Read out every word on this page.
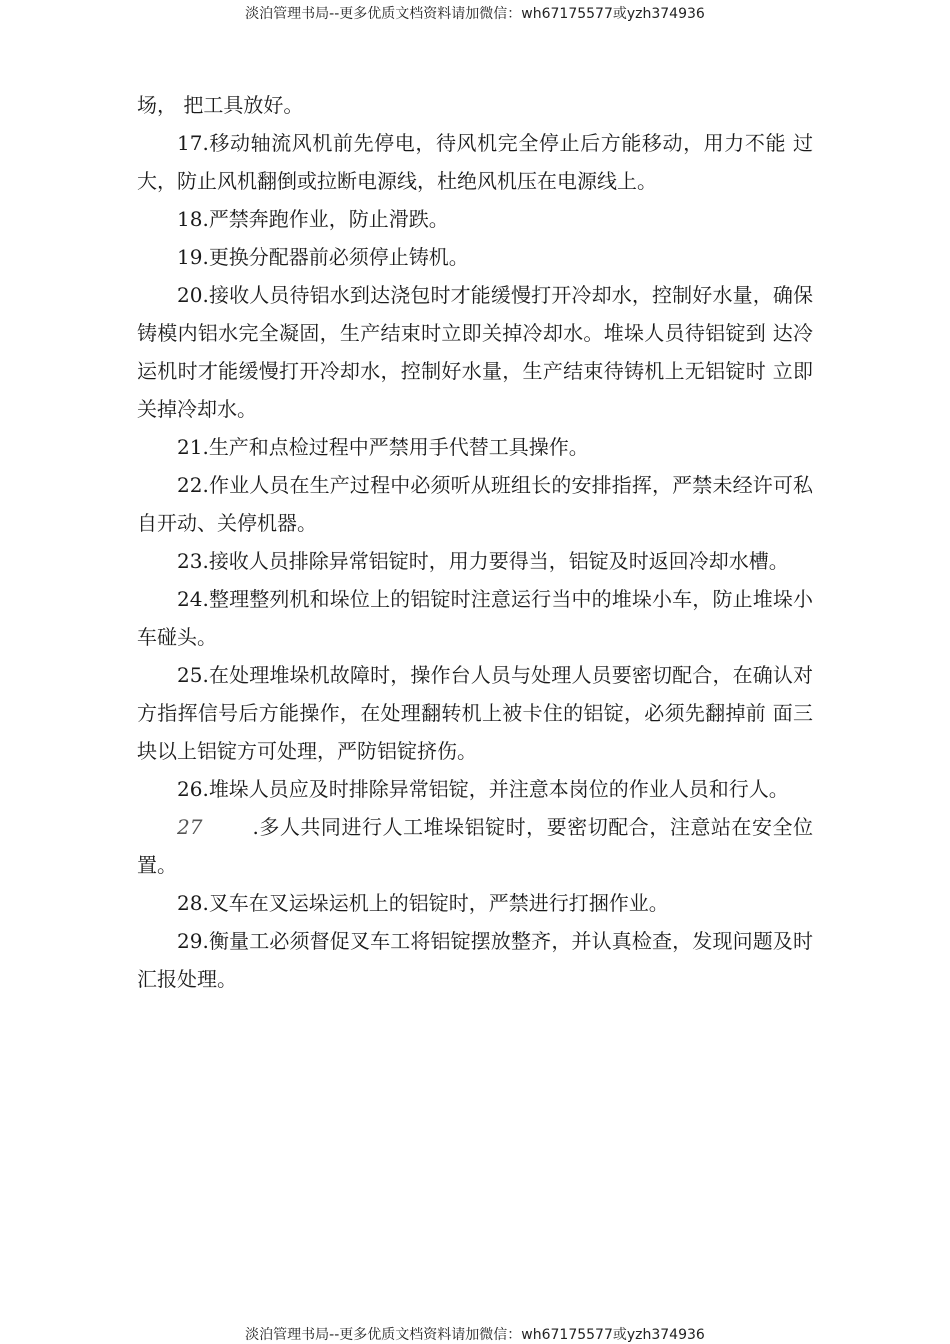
淡泊管理书局--更多优质文档资料请加微信：wh67175577或yzh374936

场， 把工具放好。

17.移动轴流风机前先停电，待风机完全停止后方能移动，用力不能 过大，防止风机翻倒或拉断电源线，杜绝风机压在电源线上。

18.严禁奔跑作业，防止滑跌。

19.更换分配器前必须停止铸机。

20.接收人员待铝水到达浇包时才能缓慢打开冷却水，控制好水量，确保铸模内铝水完全凝固，生产结束时立即关掉冷却水。堆垛人员待铝锭到 达冷运机时才能缓慢打开冷却水，控制好水量，生产结束待铸机上无铝锭时 立即关掉冷却水。

21.生产和点检过程中严禁用手代替工具操作。

22.作业人员在生产过程中必须听从班组长的安排指挥，严禁未经许可私自开动、关停机器。

23.接收人员排除异常铝锭时，用力要得当，铝锭及时返回冷却水槽。

24.整理整列机和垛位上的铝锭时注意运行当中的堆垛小车，防止堆垛小车碰头。

25.在处理堆垛机故障时，操作台人员与处理人员要密切配合，在确认对方指挥信号后方能操作，在处理翻转机上被卡住的铝锭，必须先翻掉前 面三块以上铝锭方可处理，严防铝锭挤伤。

26.堆垛人员应及时排除异常铝锭，并注意本岗位的作业人员和行人。

27	.多人共同进行人工堆垛铝锭时，要密切配合，注意站在安全位置。

28.叉车在叉运垛运机上的铝锭时，严禁进行打捆作业。

29.衡量工必须督促叉车工将铝锭摆放整齐，并认真检查，发现问题及时汇报处理。

淡泊管理书局--更多优质文档资料请加微信：wh67175577或yzh374936
